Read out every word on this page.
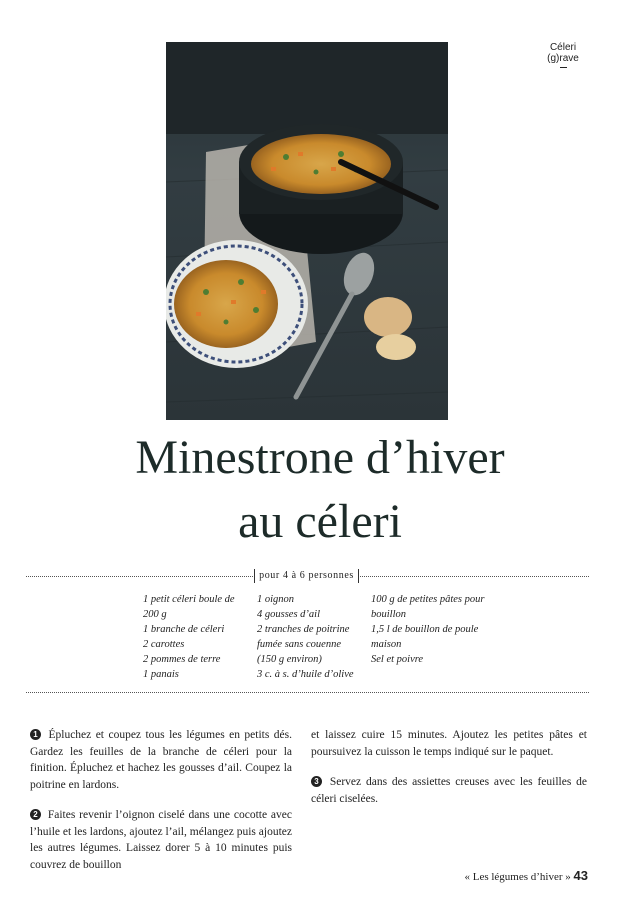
Céleri
(g)rave
Minestrone d’hiver
au céleri
pour 4 à 6 personnes
1 petit céleri boule de
200 g
1 branche de céleri
2 carottes
2 pommes de terre
1 panais
1 oignon
4 gousses d’ail
2 tranches de poitrine
fumée sans couenne
(150 g environ)
3 c. à s. d’huile d’olive
100 g de petites pâtes pour
bouillon
1,5 l de bouillon de poule
maison
Sel et poivre

1 Épluchez et coupez tous les légumes en petits dés. Gardez les feuilles de la branche de céleri pour la finition. Épluchez et hachez les gousses d’ail. Coupez la poitrine en lardons.

2 Faites revenir l’oignon ciselé dans une cocotte avec l’huile et les lardons, ajoutez l’ail, mélangez puis ajoutez les autres légumes. Laissez dorer 5 à 10 minutes puis couvrez de bouillon

et laissez cuire 15 minutes. Ajoutez les petites pâtes et poursuivez la cuisson le temps indiqué sur le paquet.

3 Servez dans des assiettes creuses avec les feuilles de céleri ciselées.

« Les légumes d’hiver » 43
